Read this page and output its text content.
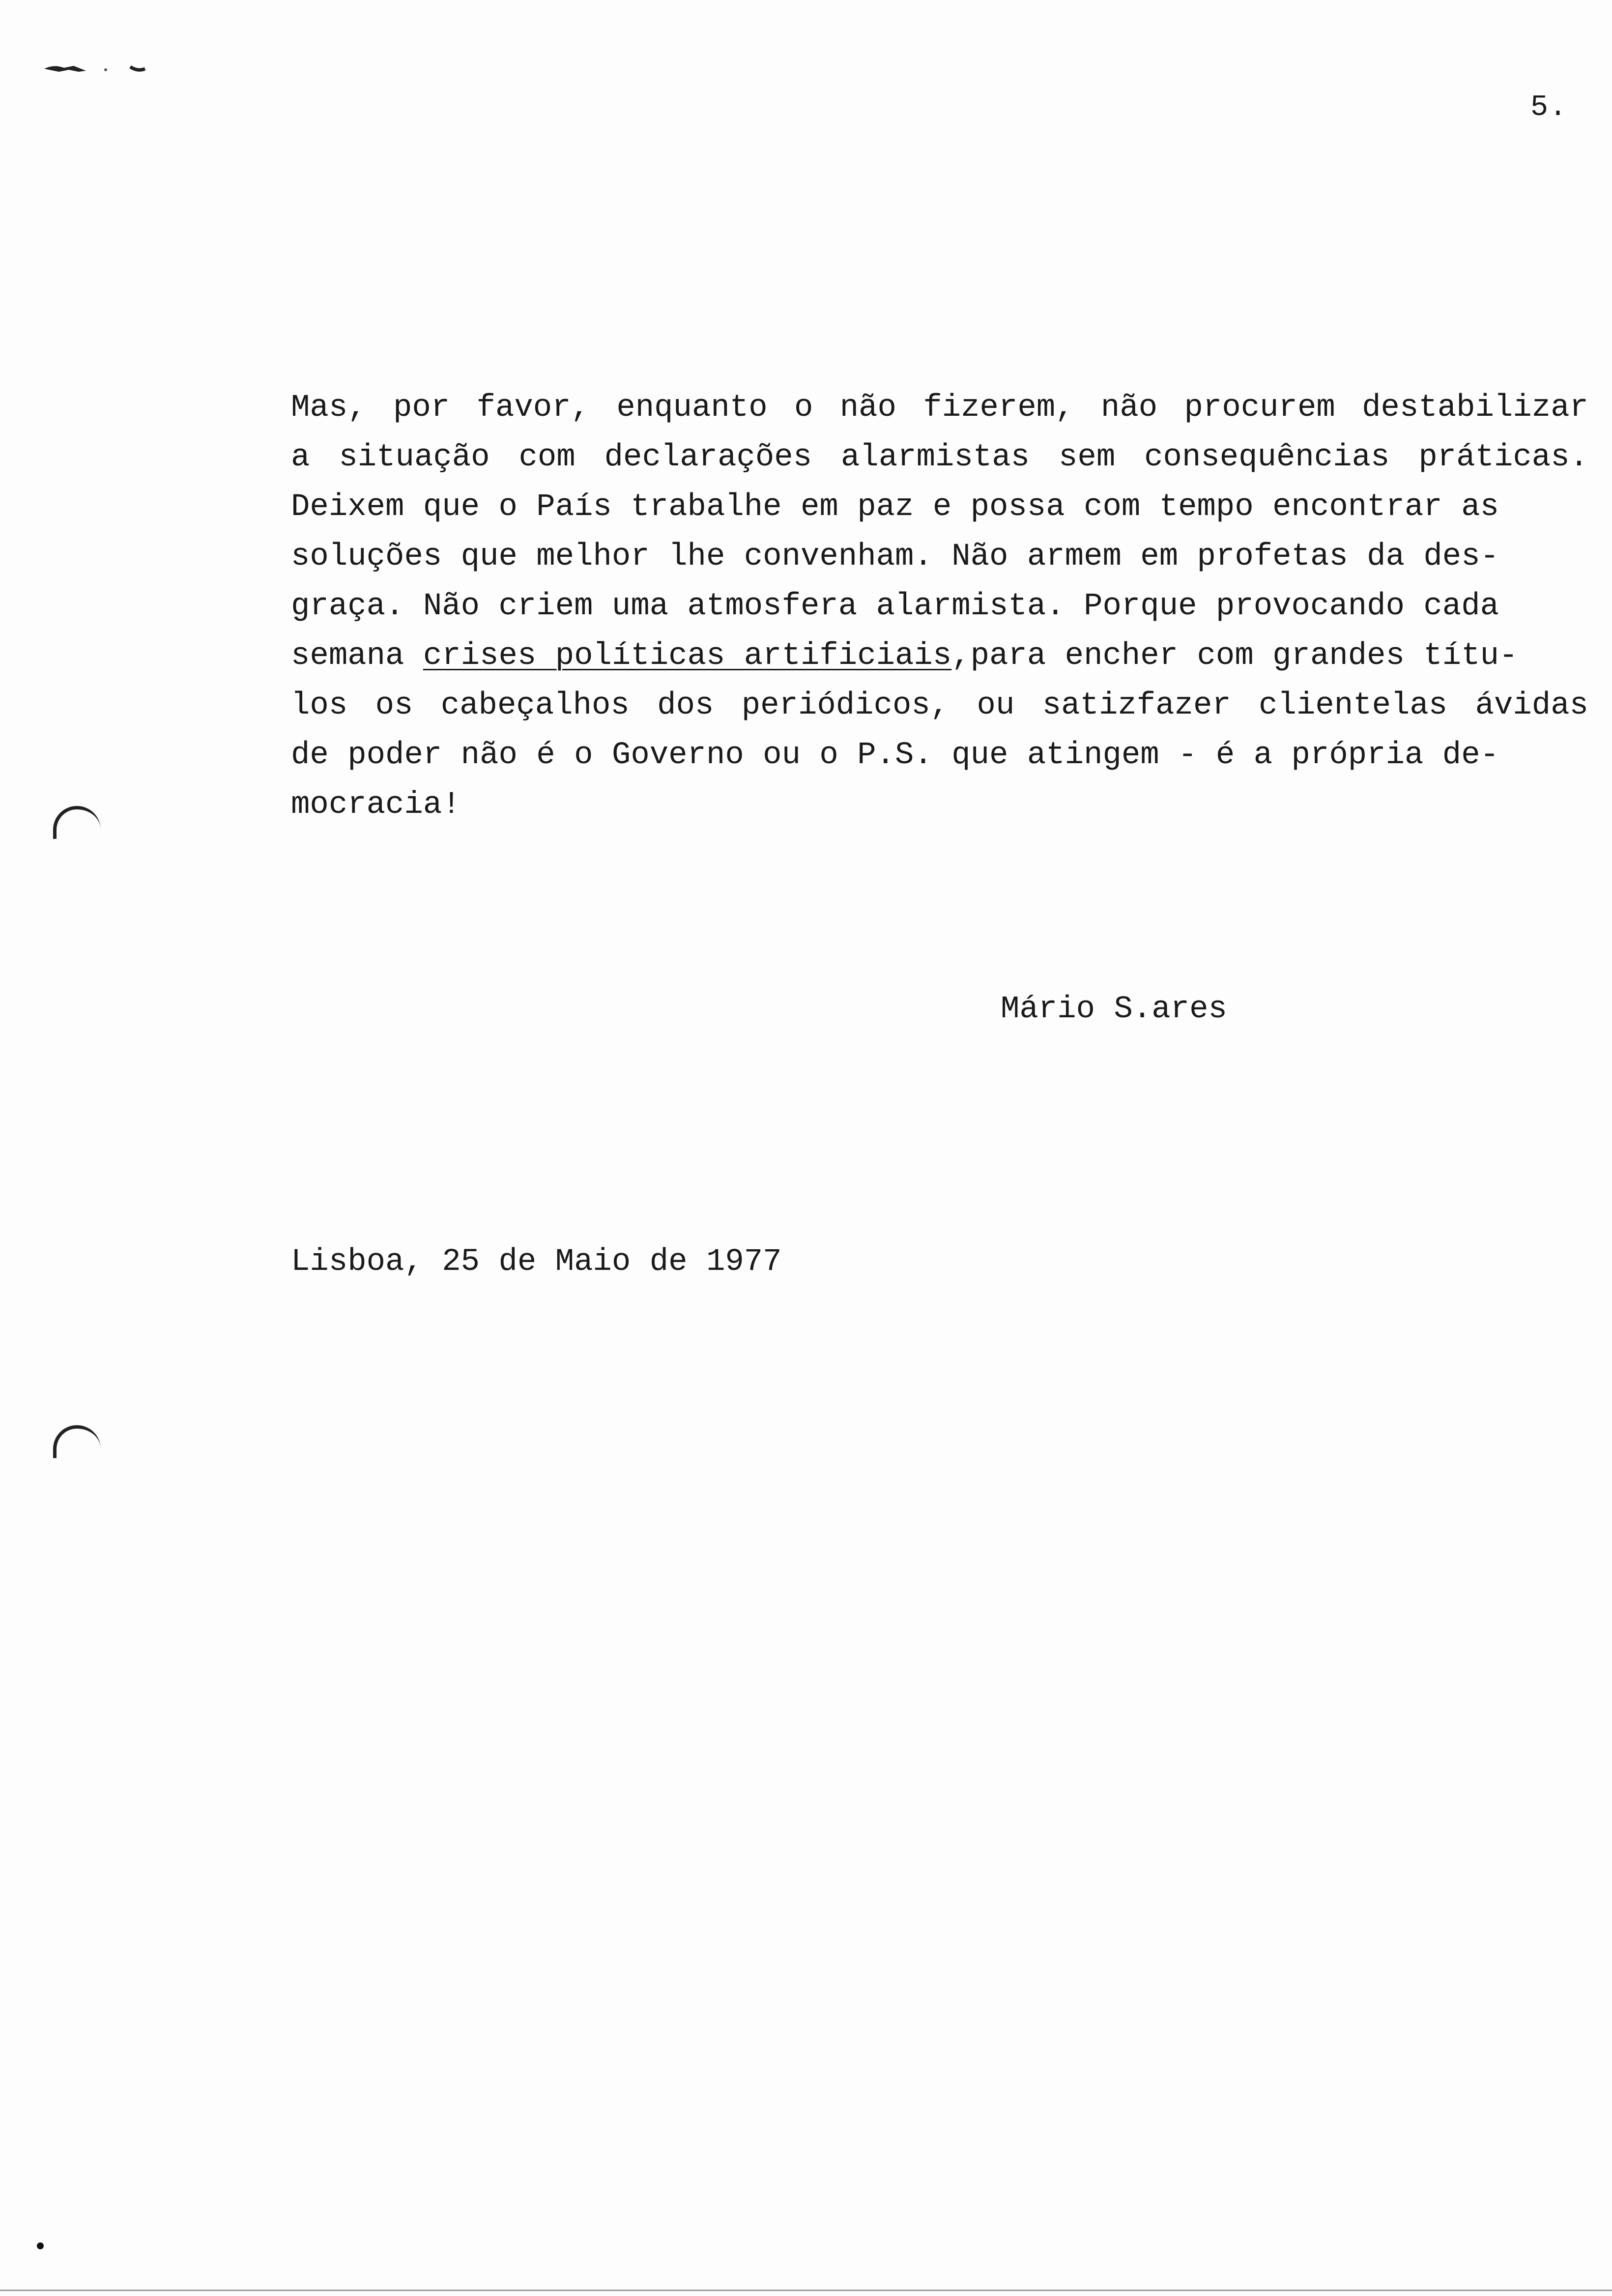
5.
Mas, por favor, enquanto o não fizerem, não procurem destabilizar
a situação com declarações alarmistas sem consequências práticas.
Deixem que o País trabalhe em paz e possa com tempo encontrar as
soluções que melhor lhe convenham. Não armem em profetas da des-
graça. Não criem uma atmosfera alarmista. Porque provocando cada
semana crises políticas artificiais,para encher com grandes títu-
los os cabeçalhos dos periódicos, ou satizfazer clientelas ávidas
de poder não é o Governo ou o P.S. que atingem - é a própria de-
mocracia!
Mário S.ares
Lisboa, 25 de Maio de 1977
